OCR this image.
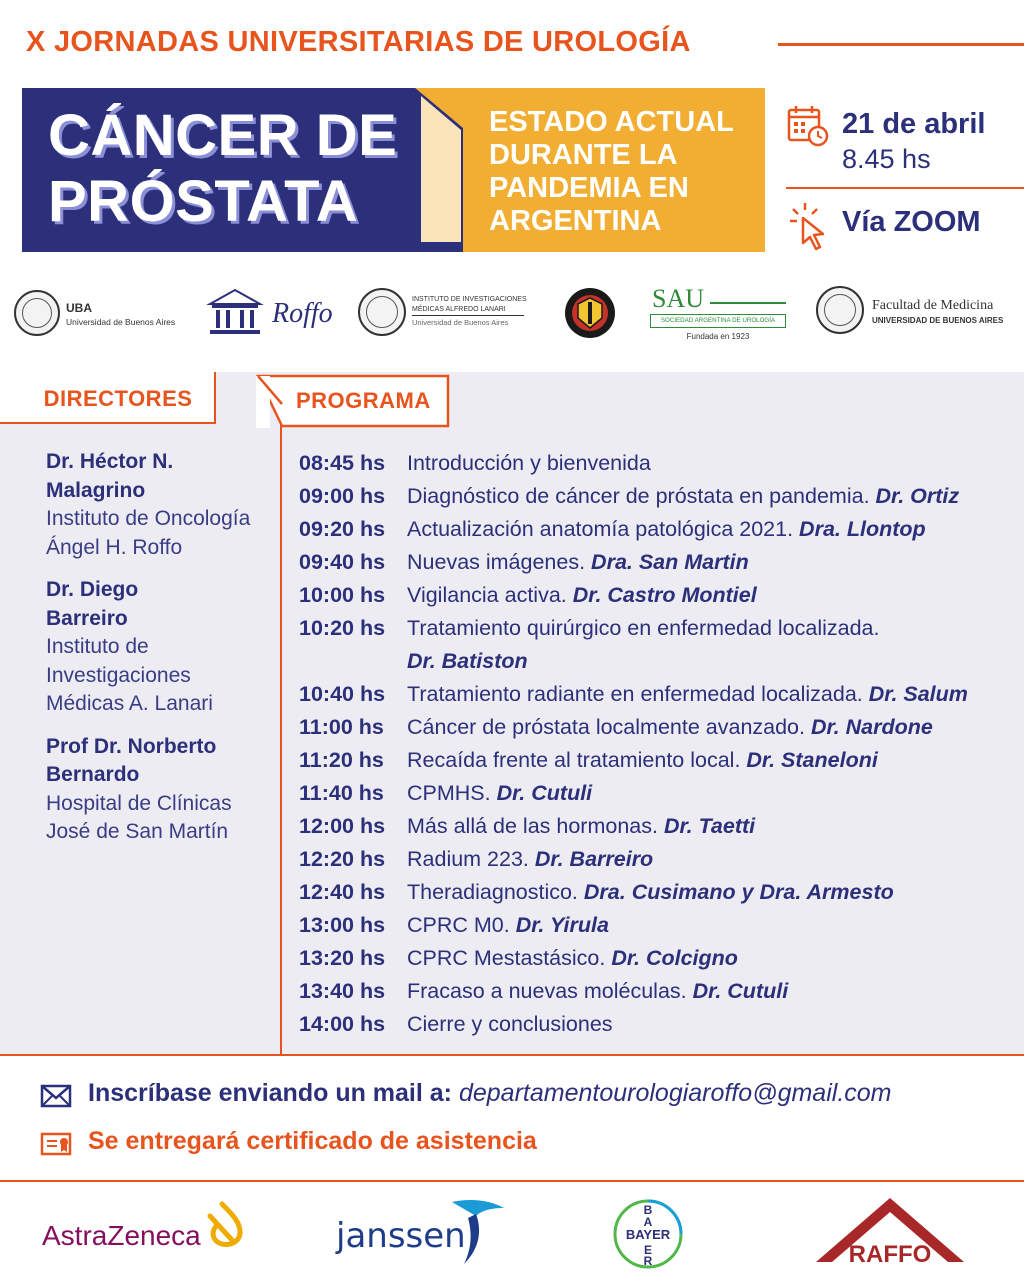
X JORNADAS UNIVERSITARIAS DE UROLOGÍA
CÁNCER DE
PRÓSTATA
ESTADO ACTUAL
DURANTE LA
PANDEMIA EN
ARGENTINA
21 de abril
8.45 hs
Vía ZOOM
UBA
Universidad de Buenos Aires	Roffo	INSTITUTO DE INVESTIGACIONES
MÉDICAS ALFREDO LANARI
Universidad de Buenos Aires
SAU
SOCIEDAD ARGENTINA DE UROLOGÍA
Fundada en 1923
Facultad de Medicina
UNIVERSIDAD DE BUENOS AIRES
DIRECTORES	PROGRAMA
Dr. Héctor N.
Malagrino
Instituto de Oncología
Ángel H. Roffo
Dr. Diego
Barreiro
Instituto de
Investigaciones
Médicas A. Lanari
Prof Dr. Norberto
Bernardo
Hospital de Clínicas
José de San Martín
08:45 hs	Introducción y bienvenida
09:00 hs	Diagnóstico de cáncer de próstata en pandemia. Dr. Ortiz
09:20 hs	Actualización anatomía patológica 2021. Dra. Llontop
09:40 hs	Nuevas imágenes. Dra. San Martin
10:00 hs	Vigilancia activa. Dr. Castro Montiel
10:20 hs	Tratamiento quirúrgico en enfermedad localizada.
Dr. Batiston
10:40 hs	Tratamiento radiante en enfermedad localizada. Dr. Salum
11:00 hs	Cáncer de próstata localmente avanzado. Dr. Nardone
11:20 hs	Recaída frente al tratamiento local. Dr. Staneloni
11:40 hs	CPMHS. Dr. Cutuli
12:00 hs	Más allá de las hormonas. Dr. Taetti
12:20 hs	Radium 223. Dr. Barreiro
12:40 hs	Theradiagnostico. Dra. Cusimano y Dra. Armesto
13:00 hs	CPRC M0. Dr. Yirula
13:20 hs	CPRC Mestastásico. Dr. Colcigno
13:40 hs	Fracaso a nuevas moléculas. Dr. Cutuli
14:00 hs	Cierre y conclusiones
Inscríbase enviando un mail a: departamentourologiaroffo@gmail.com
Se entregará certificado de asistencia
AstraZeneca	janssen	BAYER
B
A
E
R	RAFFO
